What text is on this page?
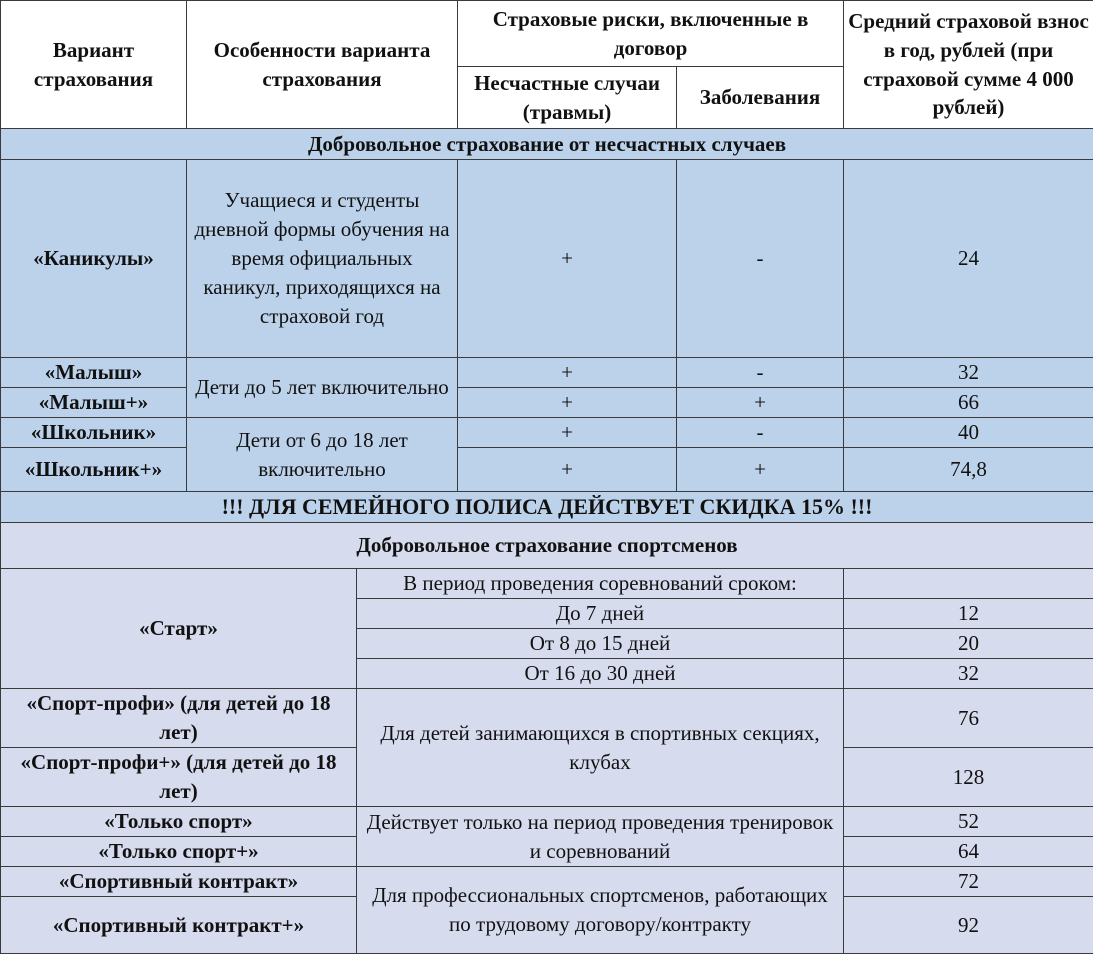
Вариант страхования	Особенности варианта страхования		Страховые риски, включенные в договор		Средний страховой взнос в год, рублей (при страховой сумме 4 000 рублей)
			Несчастные случаи (травмы)	Заболевания	
Добровольное страхование от несчастных случаев					
«Каникулы»	Учащиеся и студенты дневной формы обучения на время официальных каникул, приходящихся на страховой год		+	-	24
«Малыш»	Дети до 5 лет включительно		+	-	32
«Малыш+»			+	+	66
«Школьник»	Дети от 6 до 18 лет включительно		+	-	40
«Школьник+»			+	+	74,8
!!! ДЛЯ СЕМЕЙНОГО ПОЛИСА ДЕЙСТВУЕТ СКИДКА 15% !!!					
Добровольное страхование спортсменов					
«Старт»		В период проведения соревнований сроком:			
		До 7 дней			12
		От 8 до 15 дней			20
		От 16 до 30 дней			32
«Спорт-профи» (для детей до 18 лет)		Для детей занимающихся в спортивных секциях, клубах			76
«Спорт-профи+» (для детей до 18 лет)					128
«Только спорт»		Действует только на период проведения тренировок и соревнований			52
«Только спорт+»					64
«Спортивный контракт»		Для профессиональных спортсменов, работающих по трудовому договору/контракту			72
«Спортивный контракт+»					92
